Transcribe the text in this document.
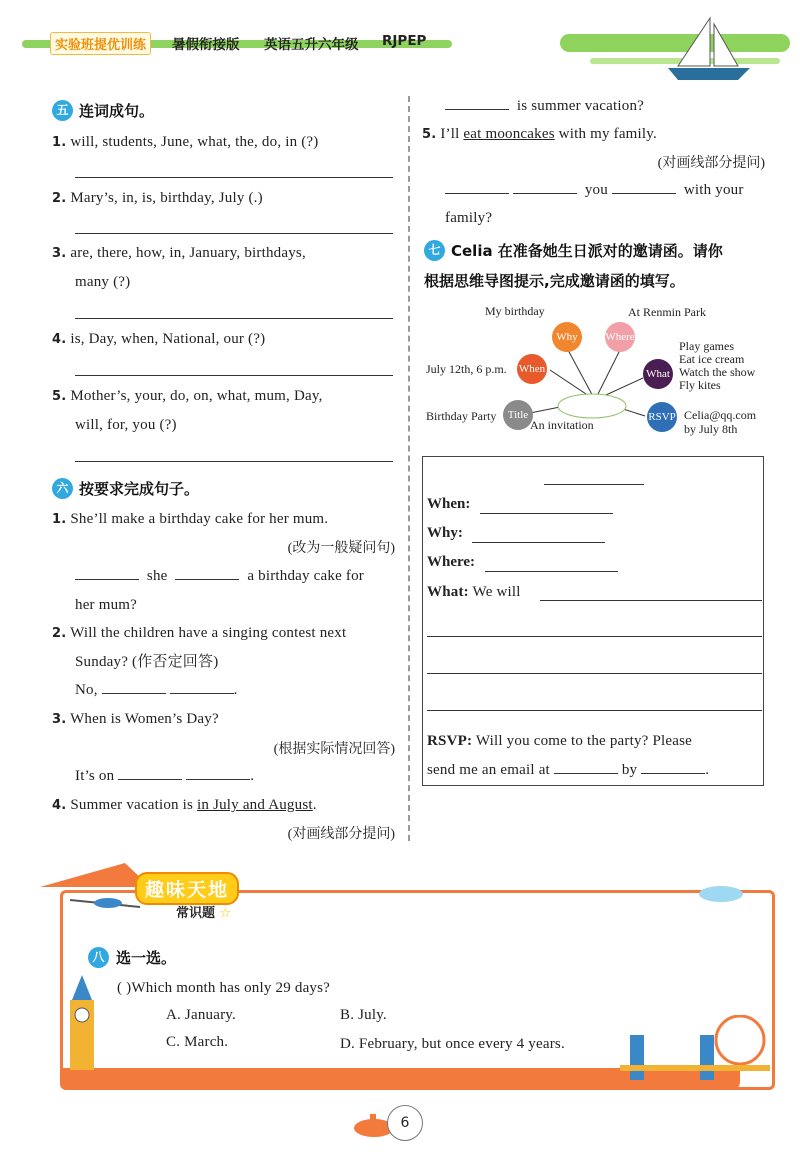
实验班提优训练	暑假衔接版 英语五升六年级 RJPEP
五 连词成句。
1. will, students, June, what, the, do, in (?)
2. Mary’s, in, is, birthday, July (.)
3. are, there, how, in, January, birthdays,
many (?)
4. is, Day, when, National, our (?)
5. Mother’s, your, do, on, what, mum, Day,
will, for, you (?)
六 按要求完成句子。
1. She’ll make a birthday cake for her mum.
(改为一般疑问句)
she	a birthday cake for
her mum?
2. Will the children have a singing contest next
Sunday? (作否定回答)
No,	.
3. When is Women’s Day?
(根据实际情况回答)
It’s on	.
4. Summer vacation is in July and August.
(对画线部分提问)
is summer vacation?
5. I’ll eat mooncakes with my family.
(对画线部分提问)
you	with your
family?
七 Celia 在准备她生日派对的邀请函。请你
根据思维导图提示,完成邀请函的填写。
An invitation
Why	Where
When	What
Title	RSVP
My birthday	At Renmin Park
July 12th, 6 p.m.
Play games
Eat ice cream
Watch the show
Fly kites
Birthday Party	Celia@qq.com
by July 8th
When:
Why:
Where:
What: We will
RSVP: Will you come to the party? Please
send me an email at	by	.
趣味天地
常识题 ☆
八 选一选。
( )Which month has only 29 days?
A. January.	B. July.
C. March.	D. February, but once every 4 years.
6
